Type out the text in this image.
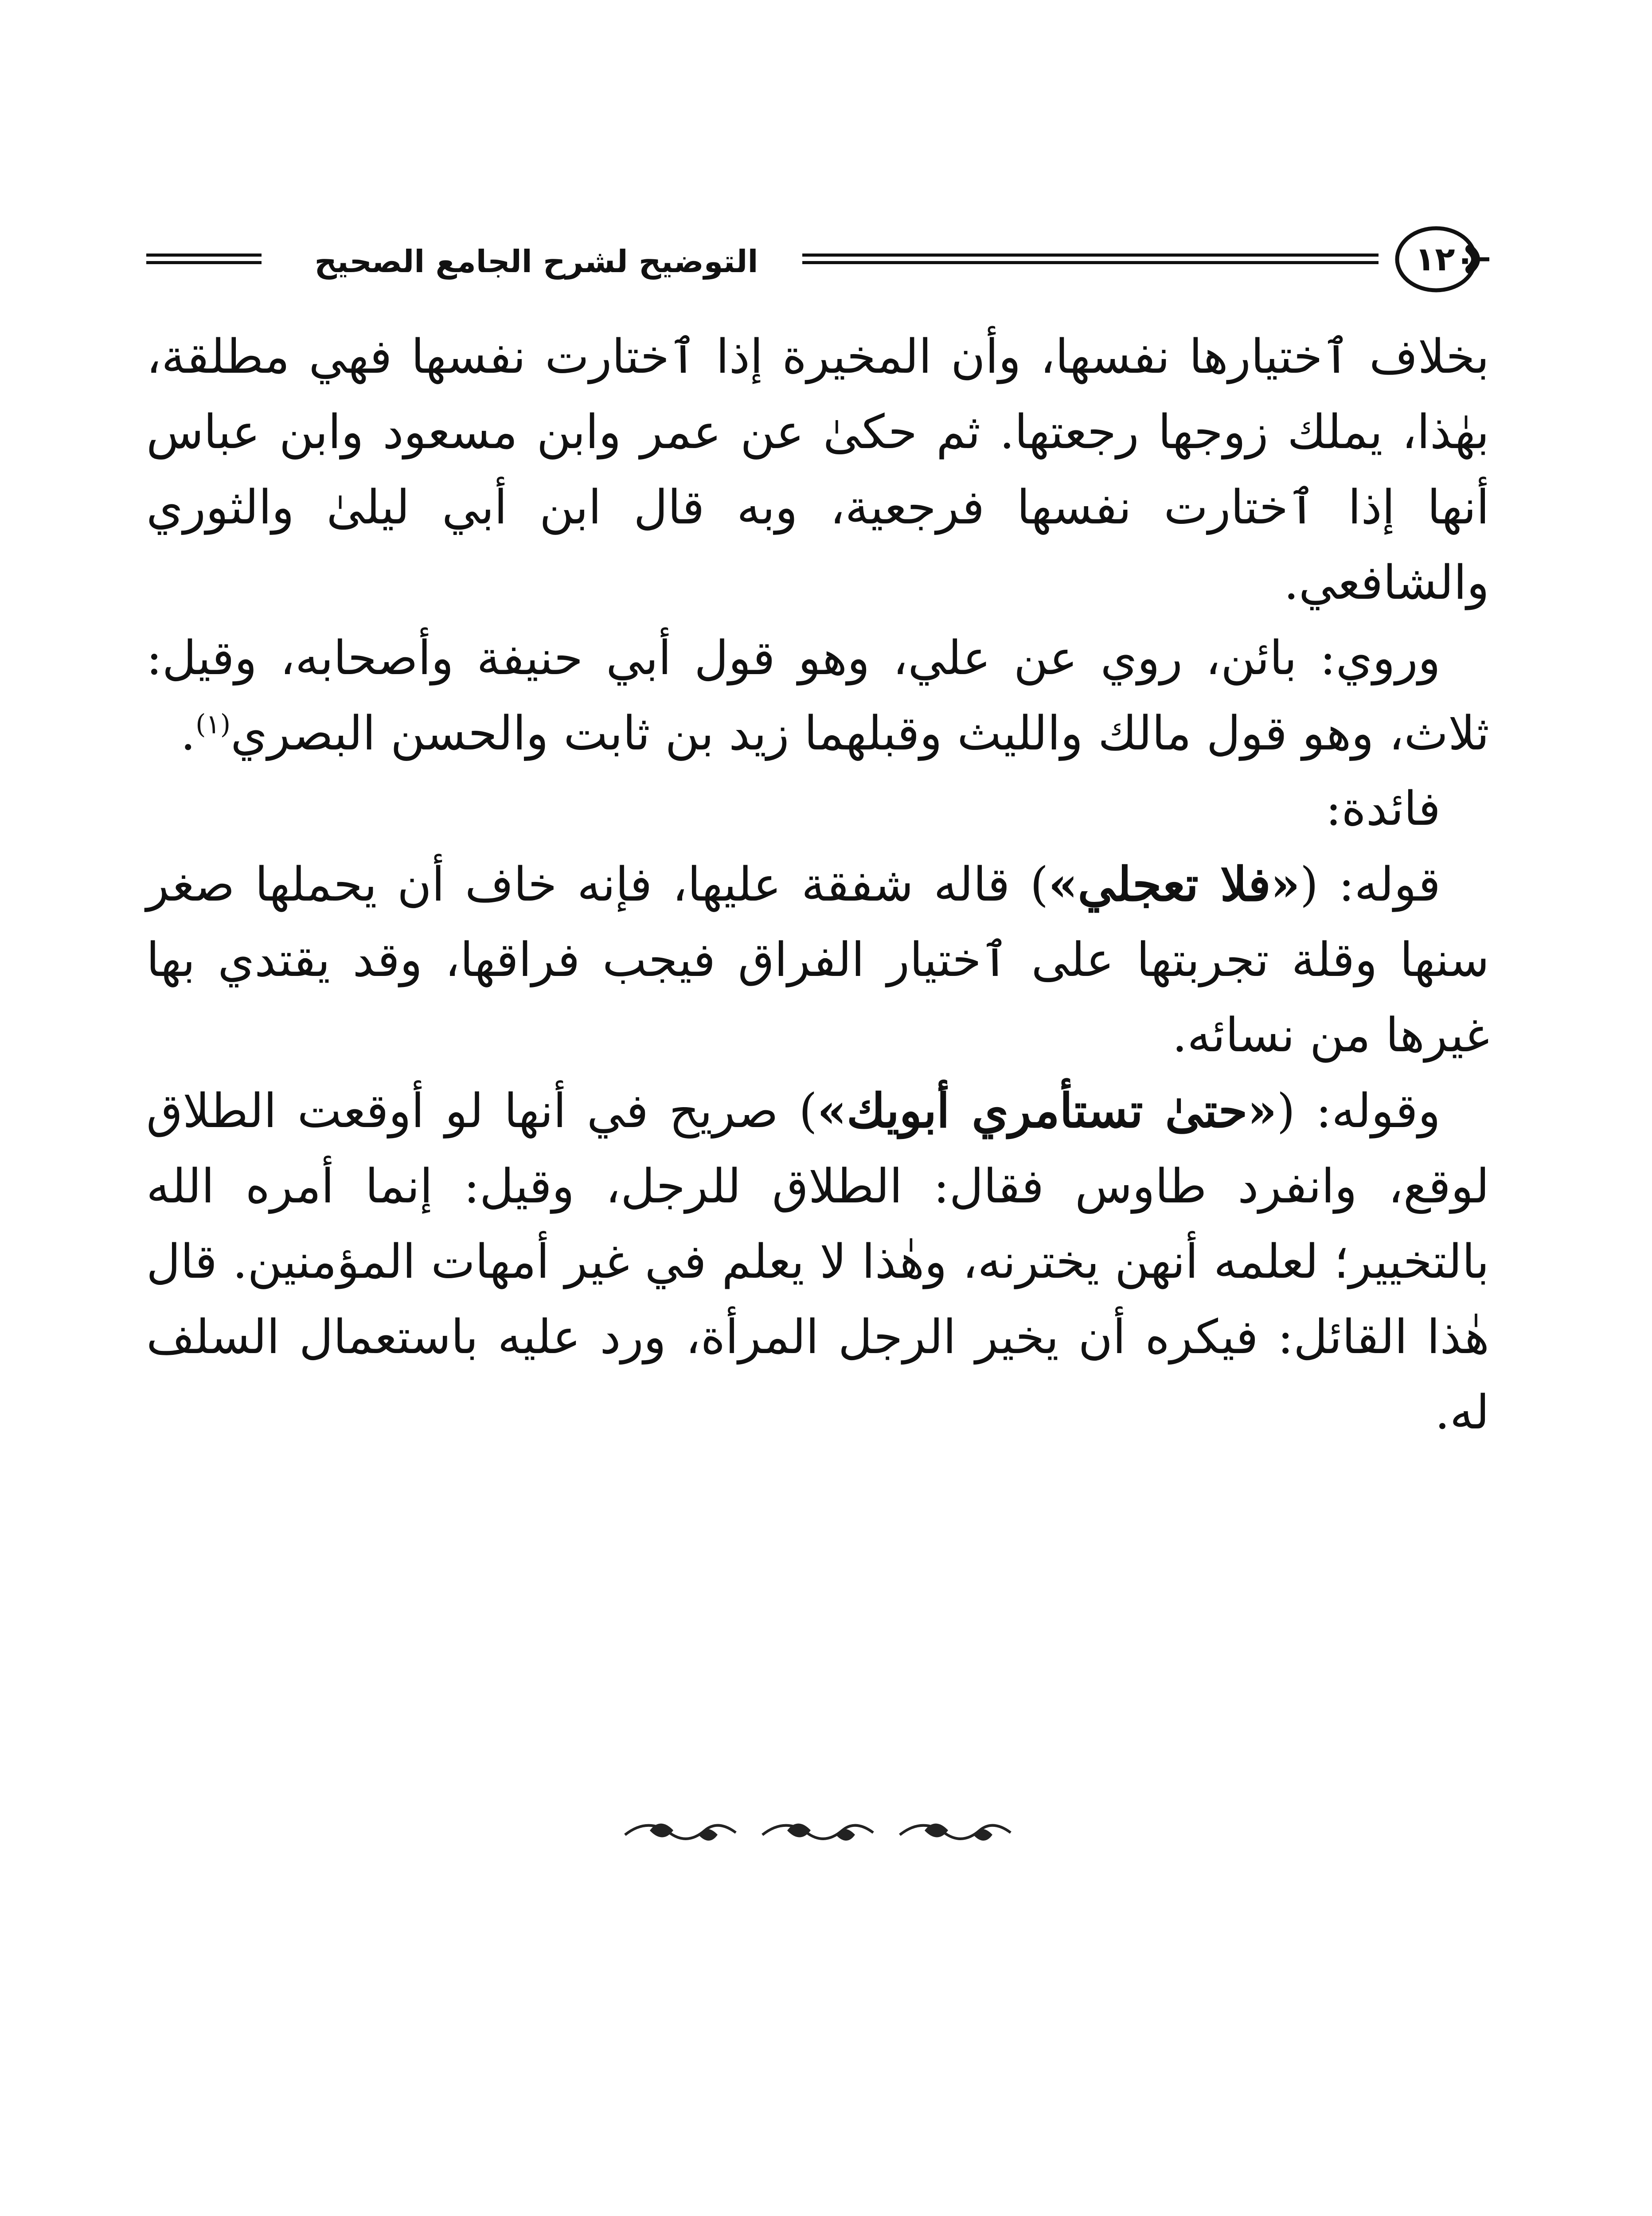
التوضيح لشرح الجامع الصحيح	١٢٠

بخلاف ٱختيارها نفسها، وأن المخيرة إذا ٱختارت نفسها فهي مطلقة، بهٰذا، يملك زوجها رجعتها. ثم حكىٰ عن عمر وابن مسعود وابن عباس أنها إذا ٱختارت نفسها فرجعية، وبه قال ابن أبي ليلىٰ والثوري والشافعي.

وروي: بائن، روي عن علي، وهو قول أبي حنيفة وأصحابه، وقيل: ثلاث، وهو قول مالك والليث وقبلهما زيد بن ثابت والحسن البصري$^{(١)}$.

فائدة:

قوله: («فلا تعجلي») قاله شفقة عليها، فإنه خاف أن يحملها صغر سنها وقلة تجربتها على ٱختيار الفراق فيجب فراقها، وقد يقتدي بها غيرها من نسائه.

وقوله: («حتىٰ تستأمري أبويك») صريح في أنها لو أوقعت الطلاق لوقع، وانفرد طاوس فقال: الطلاق للرجل، وقيل: إنما أمره الله بالتخيير؛ لعلمه أنهن يخترنه، وهٰذا لا يعلم في غير أمهات المؤمنين. قال هٰذا القائل: فيكره أن يخير الرجل المرأة، ورد عليه باستعمال السلف له.
